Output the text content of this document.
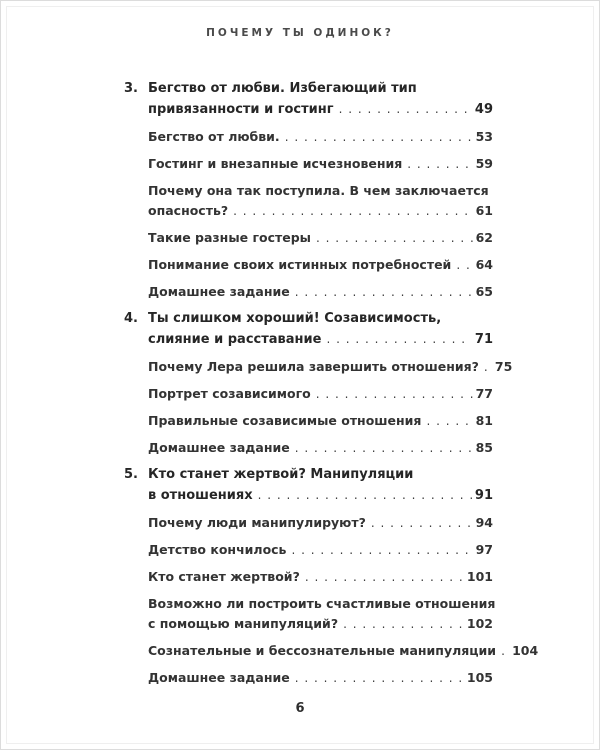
ПОЧЕМУ ТЫ ОДИНОК?
3. Бегство от любви. Избегающий тип
привязанности и гостинг . . .	49
Бегство от любви. . . .	53
Гостинг и внезапные исчезновения . . .	59
Почему она так поступила. В чем заключается
опасность? . . .	61
Такие разные гостеры . . .	62
Понимание своих истинных потребностей . . . 64
Домашнее задание . . .	65
4. Ты слишком хороший! Созависимость,
слияние и расставание . . .	71
Почему Лера решила завершить отношения? . . . 75
Портрет созависимого . . .	77
Правильные созависимые отношения . . .	81
Домашнее задание . . .	85
5. Кто станет жертвой? Манипуляции
в отношениях . . .	91
Почему люди манипулируют? . . .	94
Детство кончилось . . .	97
Кто станет жертвой? . . .	101
Возможно ли построить счастливые отношения
с помощью манипуляций? . . .	102
Сознательные и бессознательные манипуляции . . . 104
Домашнее задание . . .	105
6
